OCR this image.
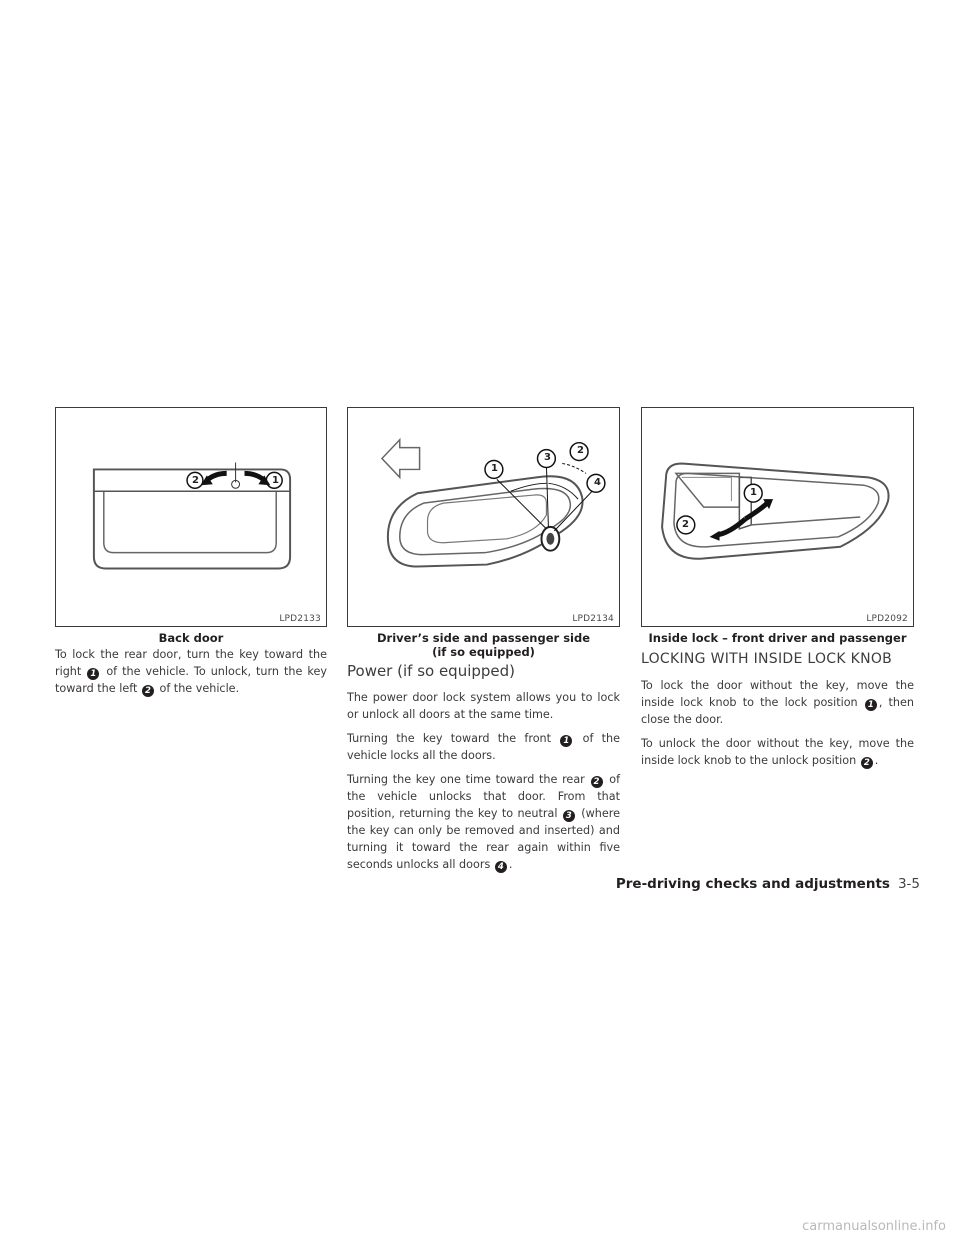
2	1
LPD2133
1
3
2
4
LPD2134
1
2
LPD2092
Back door	Driver’s side and passenger side
(if so equipped)
Inside lock – front driver and passenger

To lock the rear door, turn the key toward the right 1 of the vehicle. To unlock, turn the key toward the left 2 of the vehicle.

Power (if so equipped)

The power door lock system allows you to lock or unlock all doors at the same time.

Turning the key toward the front 1 of the vehicle locks all the doors.

Turning the key one time toward the rear 2 of the vehicle unlocks that door. From that position, returning the key to neutral 3 (where the key can only be removed and inserted) and turning it toward the rear again within five seconds unlocks all doors 4 .

LOCKING WITH INSIDE LOCK KNOB

To lock the door without the key, move the inside lock knob to the lock position 1 , then close the door.

To unlock the door without the key, move the inside lock knob to the unlock position 2 .

Pre-driving checks and adjustments 3-5
carmanualsonline.info
